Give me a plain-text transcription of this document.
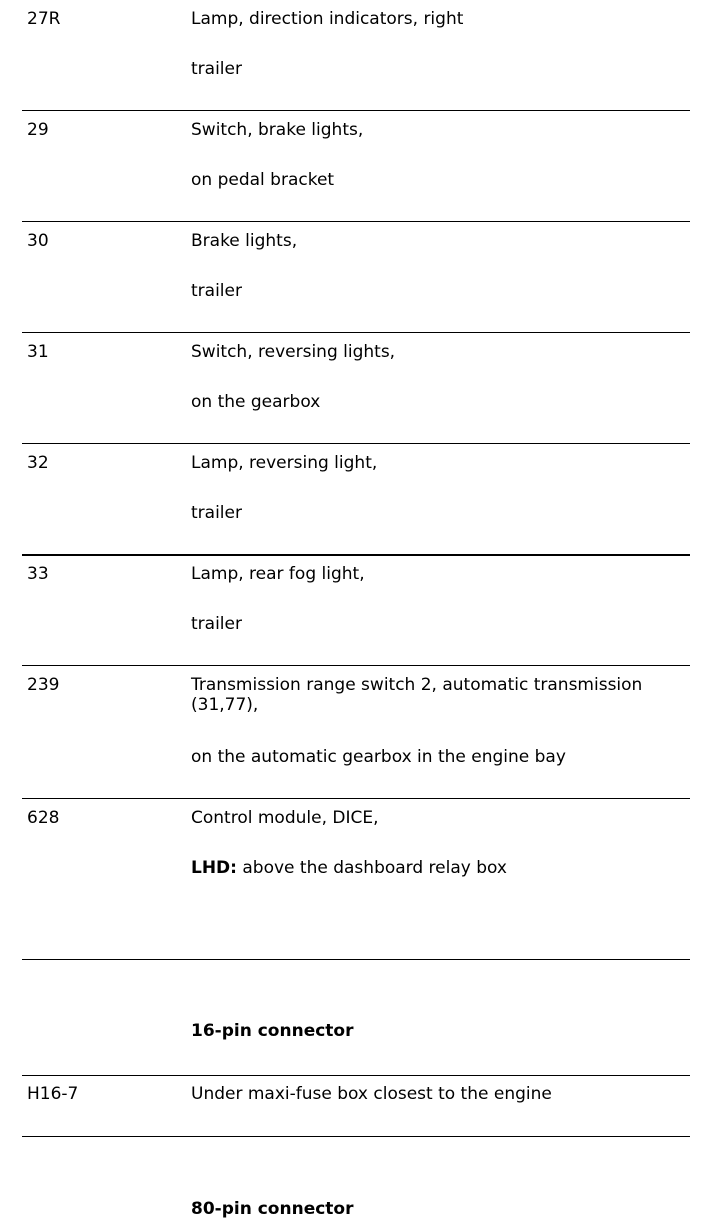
27R	Lamp, direction indicators, right
trailer
29	Switch, brake lights,
on pedal bracket
30	Brake lights,
trailer
31	Switch, reversing lights,
on the gearbox
32	Lamp, reversing light,
trailer
33	Lamp, rear fog light,
trailer
239	Transmission range switch 2, automatic transmission (31,77),
on the automatic gearbox in the engine bay
628	Control module, DICE,
LHD: above the dashboard relay box
16-pin connector
H16-7	Under maxi-fuse box closest to the engine
80-pin connector
